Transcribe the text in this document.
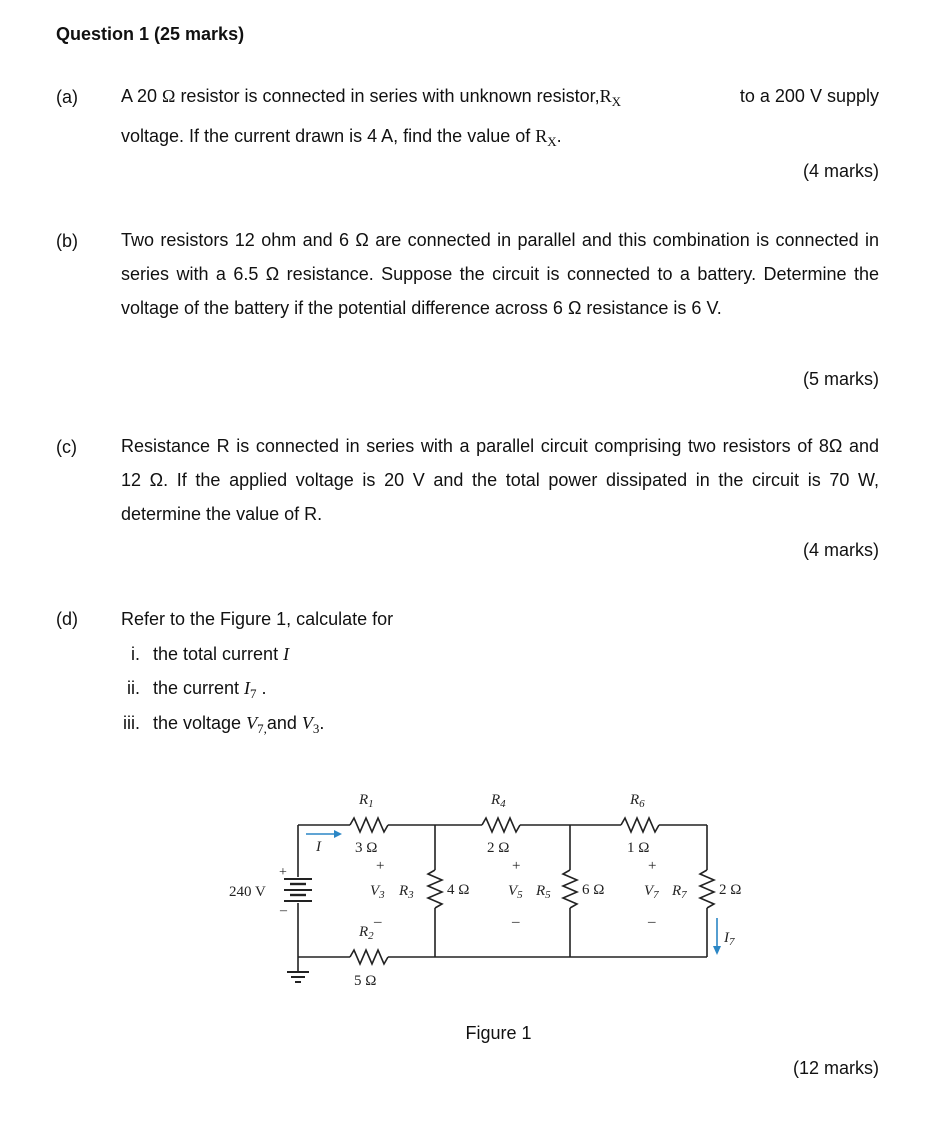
Question 1 (25 marks)
(a) A 20 Ω resistor is connected in series with unknown $resistor,R_X$	to a 200 V supply
voltage. If the current drawn is 4 A, find the value of $R_X$.
(4 marks)
(b) Two resistors 12 ohm and 6 Ω are connected in parallel and this combination is connected in series with a 6.5 Ω resistance. Suppose the circuit is connected to a battery. Determine the voltage of the battery if the potential difference across 6 Ω resistance is 6 V.
(5 marks)
(c) Resistance R is connected in series with a parallel circuit comprising two resistors of 8Ω and 12 Ω. If the applied voltage is 20 V and the total power dissipated in the circuit is 70 W, determine the value of R.
(4 marks)
(d) Refer to the Figure 1, calculate for
i. the total current I
ii. the current $I_7$ .
iii. the voltage $V_{7,}and$ $V_3$.
240 V
+
–
I
$I_7$
$R_1$
3 Ω
$R_4$
2 Ω
$R_6$
1 Ω
$R_2$
5 Ω
+
–
$V_3$ $R_3$ 4 Ω
+
–
$V_5$ $R_5$ 6 Ω
+
–
$V_7$ $R_7$ 2 Ω
Figure 1
(12 marks)
